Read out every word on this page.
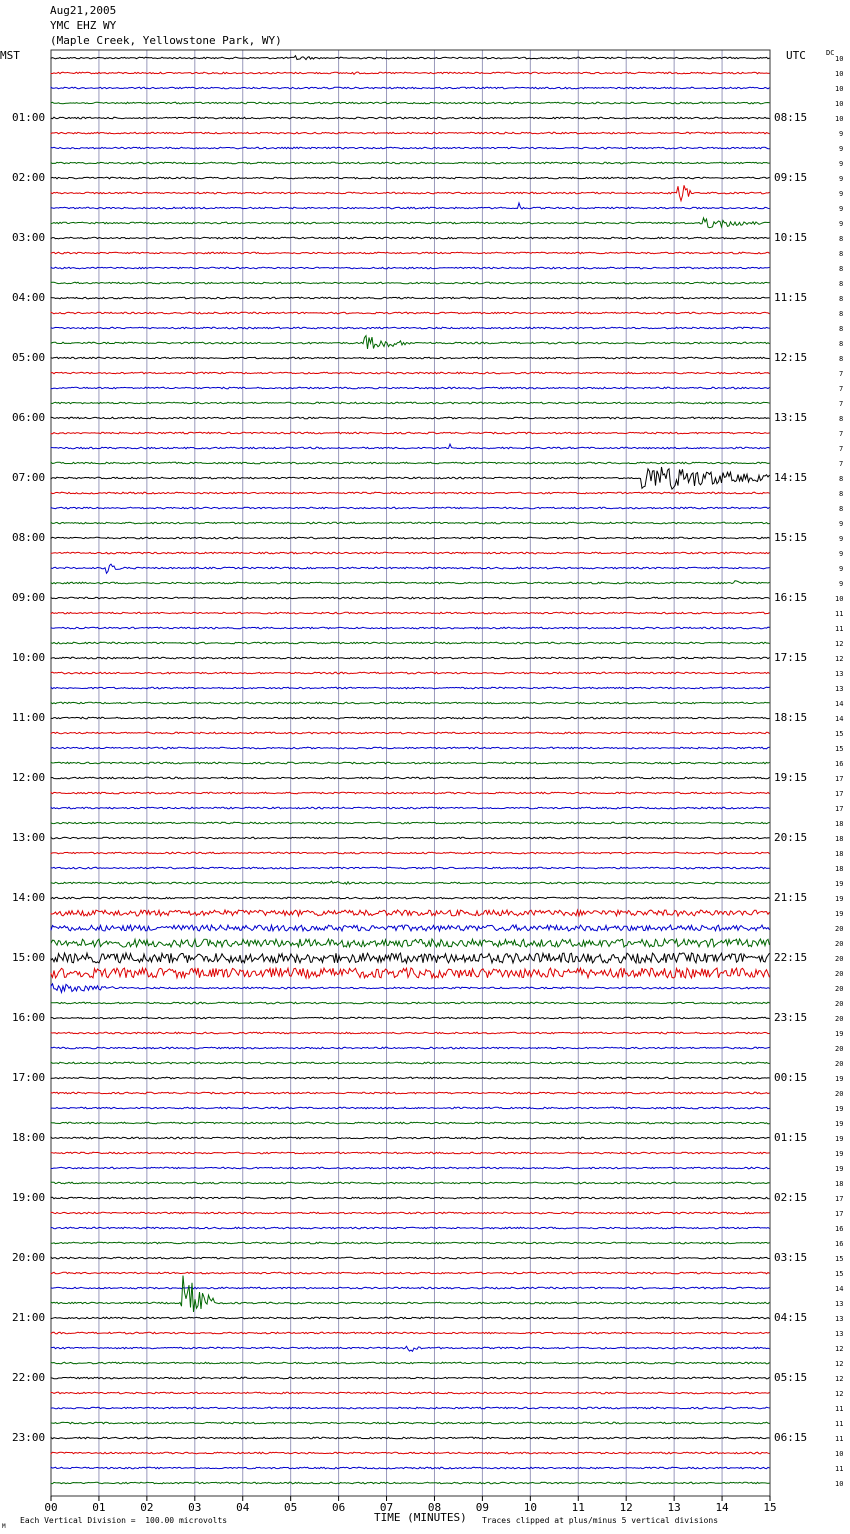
Aug21,2005
YMC EHZ WY
(Maple Creek, Yellowstone Park, WY)
MST	UTC	DC
00	01	02	03	04	05	06	07	08	09	10	11	12	13	14	15
01:00
02:00
03:00
04:00
05:00
06:00
07:00
08:00
09:00
10:00
11:00
12:00
13:00
14:00
15:00
16:00
17:00
18:00
19:00
20:00
21:00
22:00
23:00
08:15
09:15
10:15
11:15
12:15
13:15
14:15
15:15
16:15
17:15
18:15
19:15
20:15
21:15
22:15
23:15
00:15
01:15
02:15
03:15
04:15
05:15
06:15
10
10
10
10
10
9
9
9
9
9
9
9
8
8
8
8
8
8
8
8
8
7
7
7
8
7
7
7
8
8
8
9
9
9
9
9
10
11
11
12
12
13
13
14
14
15
15
16
17
17
17
18
18
18
18
19
19
19
20
20
20
20
20
20
20
19
20
20
19
20
19
19
19
19
19
18
17
17
16
16
15
15
14
13
13
13
12
12
12
12
11
11
11
10
11
10
M
Each Vertical Division =  100.00 microvolts	TIME (MINUTES) Traces clipped at plus/minus 5 vertical divisions
